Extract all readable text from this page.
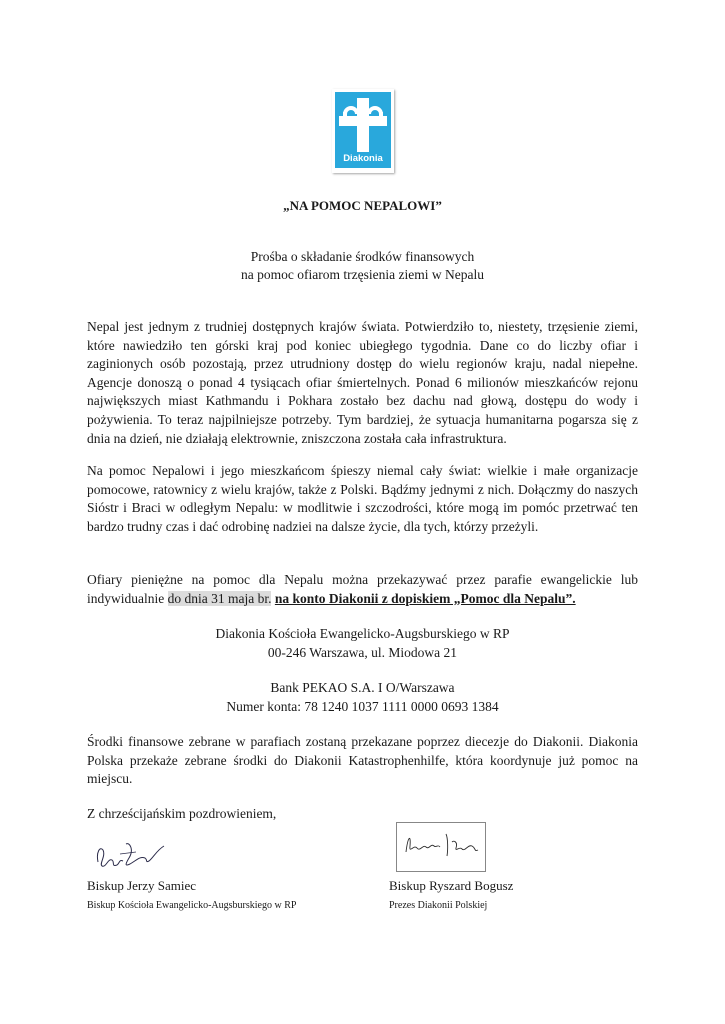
Diakonia
„NA POMOC NEPALOWI”
Prośba o składanie środków finansowych
na pomoc ofiarom trzęsienia ziemi w Nepalu

Nepal jest jednym z trudniej dostępnych krajów świata. Potwierdziło to, niestety, trzęsienie ziemi, które nawiedziło ten górski kraj pod koniec ubiegłego tygodnia. Dane co do liczby ofiar i zaginionych osób pozostają, przez utrudniony dostęp do wielu regionów kraju, nadal niepełne. Agencje donoszą o ponad 4 tysiącach ofiar śmiertelnych. Ponad 6 milionów mieszkańców rejonu największych miast Kathmandu i Pokhara zostało bez dachu nad głową, dostępu do wody i pożywienia. To teraz najpilniejsze potrzeby. Tym bardziej, że sytuacja humanitarna pogarsza się z dnia na dzień, nie działają elektrownie, zniszczona została cała infrastruktura.

Na pomoc Nepalowi i jego mieszkańcom śpieszy niemal cały świat: wielkie i małe organizacje pomocowe, ratownicy z wielu krajów, także z Polski. Bądźmy jednymi z nich. Dołączmy do naszych Sióstr i Braci w odległym Nepalu: w modlitwie i szczodrości, które mogą im pomóc przetrwać ten bardzo trudny czas i dać odrobinę nadziei na dalsze życie, dla tych, którzy przeżyli.

Ofiary pieniężne na pomoc dla Nepalu można przekazywać przez parafie ewangelickie lub indywidualnie do dnia 31 maja br. na konto Diakonii z dopiskiem „Pomoc dla Nepalu”.

Diakonia Kościoła Ewangelicko-Augsburskiego w RP
00-246 Warszawa, ul. Miodowa 21
Bank PEKAO S.A. I O/Warszawa
Numer konta: 78 1240 1037 1111 0000 0693 1384

Środki finansowe zebrane w parafiach zostaną przekazane poprzez diecezje do Diakonii. Diakonia Polska przekaże zebrane środki do Diakonii Katastrophenhilfe, która koordynuje już pomoc na miejscu.

Z chrześcijańskim pozdrowieniem,
Biskup Jerzy Samiec
Biskup Kościoła Ewangelicko-Augsburskiego w RP
Biskup Ryszard Bogusz
Prezes Diakonii Polskiej
